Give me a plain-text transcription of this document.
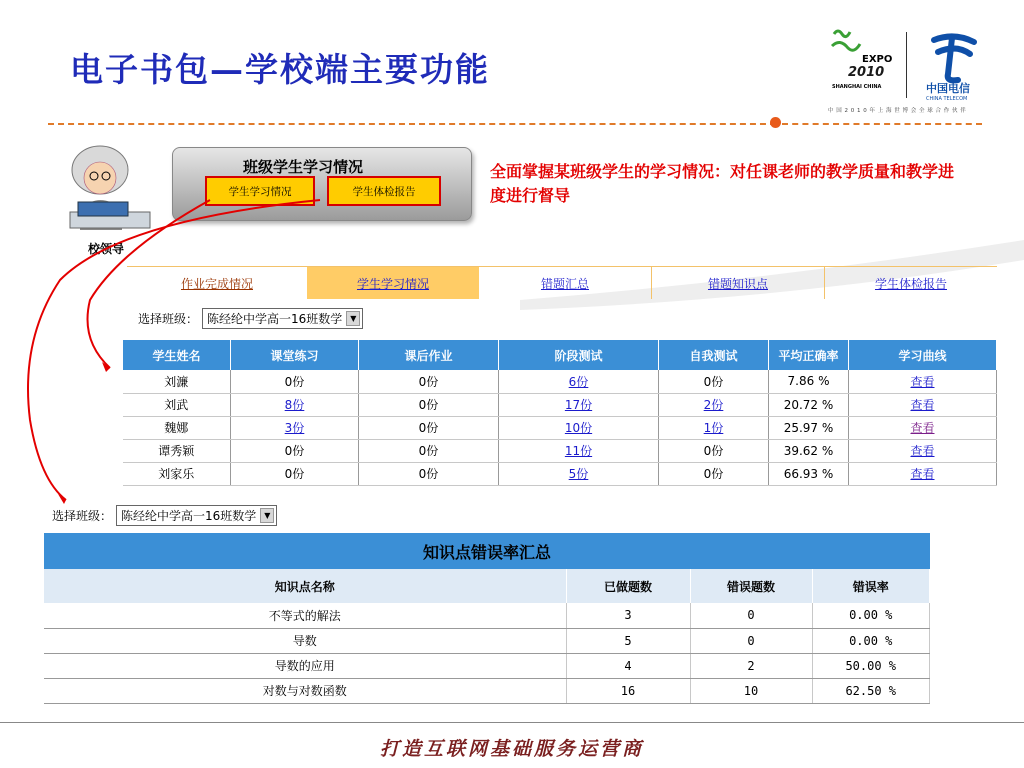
电子书包—学校端主要功能	EXPO
2010
SHANGHAI CHINA	中国电信
CHINA TELECOM
中 国 2 0 1 0 年 上 海 世 博 会 全 球 合 作 伙 伴
校领导
班级学生学习情况
学生学习情况	学生体检报告
全面掌握某班级学生的学习情况：对任课老师的教学质量和教学进度进行督导
作业完成情况	学生学习情况	错题汇总	错题知识点	学生体检报告
选择班级： 陈经纶中学高一16班数学 ▼
学生姓名	课堂练习	课后作业	阶段测试	自我测试	平均正确率	学习曲线
刘濂	0份	0份	6份	0份	7.86 %	查看
刘武	8份	0份	17份	2份	20.72 %	查看
魏娜	3份	0份	10份	1份	25.97 %	查看
谭秀颖	0份	0份	11份	0份	39.62 %	查看
刘家乐	0份	0份	5份	0份	66.93 %	查看
选择班级： 陈经纶中学高一16班数学 ▼
知识点错误率汇总
知识点名称	已做题数	错误题数	错误率
不等式的解法	3	0	0.00 %
导数	5	0	0.00 %
导数的应用	4	2	50.00 %
对数与对数函数	16	10	62.50 %
打造互联网基础服务运营商
